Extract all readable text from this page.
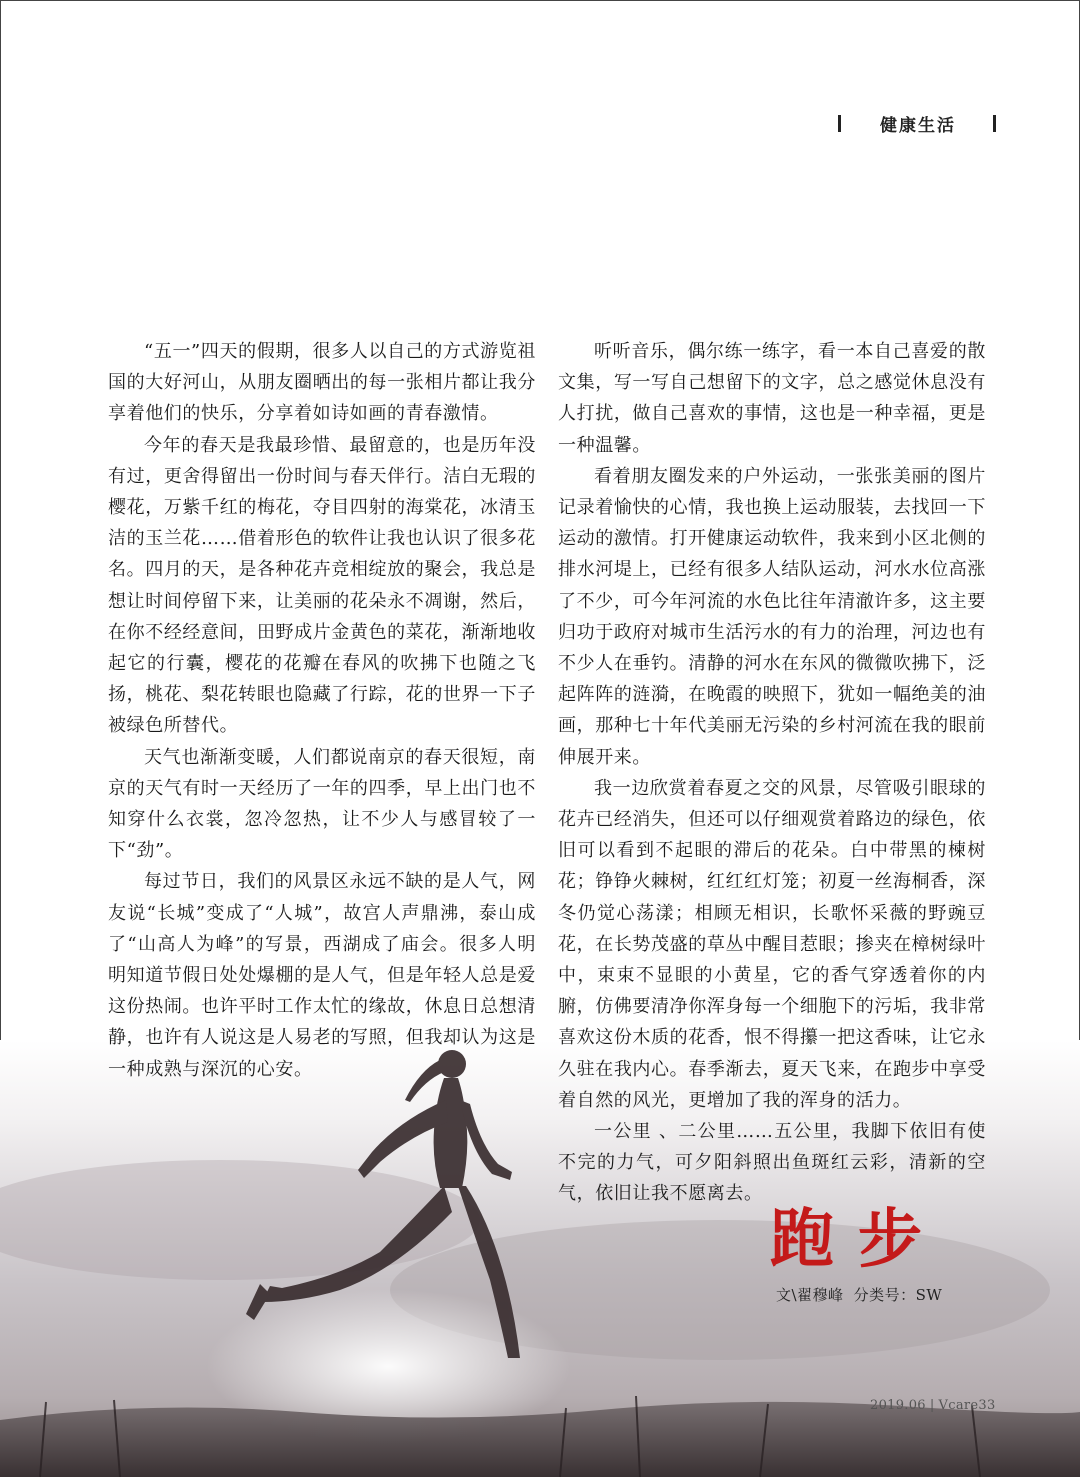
健康生活

“五一”四天的假期，很多人以自己的方式游览祖国的大好河山，从朋友圈晒出的每一张相片都让我分享着他们的快乐，分享着如诗如画的青春激情。

今年的春天是我最珍惜、最留意的，也是历年没有过，更舍得留出一份时间与春天伴行。洁白无瑕的樱花，万紫千红的梅花，夺目四射的海棠花，冰清玉洁的玉兰花……借着形色的软件让我也认识了很多花名。四月的天，是各种花卉竞相绽放的聚会，我总是想让时间停留下来，让美丽的花朵永不凋谢，然后，在你不经经意间，田野成片金黄色的菜花，渐渐地收起它的行囊，樱花的花瓣在春风的吹拂下也随之飞扬，桃花、梨花转眼也隐藏了行踪，花的世界一下子被绿色所替代。

天气也渐渐变暖，人们都说南京的春天很短，南京的天气有时一天经历了一年的四季，早上出门也不知穿什么衣裳，忽冷忽热，让不少人与感冒较了一下“劲”。

每过节日，我们的风景区永远不缺的是人气，网友说“长城”变成了“人城”，故宫人声鼎沸，泰山成了“山高人为峰”的写景，西湖成了庙会。很多人明明知道节假日处处爆棚的是人气，但是年轻人总是爱这份热闹。也许平时工作太忙的缘故，休息日总想清静，也许有人说这是人易老的写照，但我却认为这是一种成熟与深沉的心安。

听听音乐，偶尔练一练字，看一本自己喜爱的散文集，写一写自己想留下的文字，总之感觉休息没有人打扰，做自己喜欢的事情，这也是一种幸福，更是一种温馨。

看着朋友圈发来的户外运动，一张张美丽的图片记录着愉快的心情，我也换上运动服装，去找回一下运动的激情。打开健康运动软件，我来到小区北侧的排水河堤上，已经有很多人结队运动，河水水位高涨了不少，可今年河流的水色比往年清澈许多，这主要归功于政府对城市生活污水的有力的治理，河边也有不少人在垂钓。清静的河水在东风的微微吹拂下，泛起阵阵的涟漪，在晚霞的映照下，犹如一幅绝美的油画，那种七十年代美丽无污染的乡村河流在我的眼前伸展开来。

我一边欣赏着春夏之交的风景，尽管吸引眼球的花卉已经消失，但还可以仔细观赏着路边的绿色，依旧可以看到不起眼的滞后的花朵。白中带黑的楝树花；铮铮火棘树，红红红灯笼；初夏一丝海桐香，深冬仍觉心荡漾；相顾无相识，长歌怀采薇的野豌豆花，在长势茂盛的草丛中醒目惹眼；掺夹在樟树绿叶中，束束不显眼的小黄星，它的香气穿透着你的内腑，仿佛要清净你浑身每一个细胞下的污垢，我非常喜欢这份木质的花香，恨不得攥一把这香味，让它永久驻在我内心。春季渐去，夏天飞来，在跑步中享受着自然的风光，更增加了我的浑身的活力。

一公里 、二公里……五公里，我脚下依旧有使不完的力气，可夕阳斜照出鱼斑红云彩，清新的空气，依旧让我不愿离去。

跑步
文\翟穆峰 分类号：SW
2019.06 | Vcare33
